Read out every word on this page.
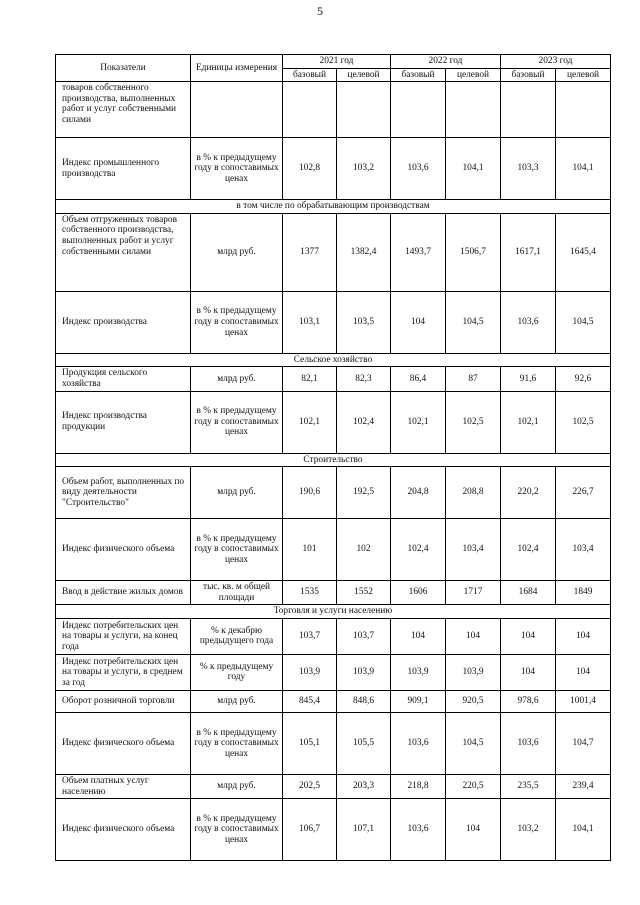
5
Показатели	Единицы измерения	2021 год		2022 год		2023 год	
		базовый	целевой	базовый	целевой	базовый	целевой
товаров собственного производства, выполненных работ и услуг собственными силами							
Индекс промышленного производства	в % к предыдущему году в сопоставимых ценах	102,8	103,2	103,6	104,1	103,3	104,1
в том числе по обрабатывающим производствам							
Объем отгруженных товаров собственного производства, выполненных работ и услуг собственными силами	млрд руб.	1377	1382,4	1493,7	1506,7	1617,1	1645,4
Индекс производства	в % к предыдущему году в сопоставимых ценах	103,1	103,5	104	104,5	103,6	104,5
Сельское хозяйство							
Продукция сельского хозяйства	млрд руб.	82,1	82,3	86,4	87	91,6	92,6
Индекс производства продукции	в % к предыдущему году в сопоставимых ценах	102,1	102,4	102,1	102,5	102,1	102,5
Строительство							
Объем работ, выполненных по виду деятельности "Строительство"	млрд руб.	190,6	192,5	204,8	208,8	220,2	226,7
Индекс физического объема	в % к предыдущему году в сопоставимых ценах	101	102	102,4	103,4	102,4	103,4
Ввод в действие жилых домов	тыс. кв. м общей площади	1535	1552	1606	1717	1684	1849
Торговля и услуги населению							
Индекс потребительских цен на товары и услуги, на конец года	% к декабрю предыдущего года	103,7	103,7	104	104	104	104
Индекс потребительских цен на товары и услуги, в среднем за год	% к предыдущему году	103,9	103,9	103,9	103,9	104	104
Оборот розничной торговли	млрд руб.	845,4	848,6	909,1	920,5	978,6	1001,4
Индекс физического объема	в % к предыдущему году в сопоставимых ценах	105,1	105,5	103,6	104,5	103,6	104,7
Объем платных услуг населению	млрд руб.	202,5	203,3	218,8	220,5	235,5	239,4
Индекс физического объема	в % к предыдущему году в сопоставимых ценах	106,7	107,1	103,6	104	103,2	104,1
